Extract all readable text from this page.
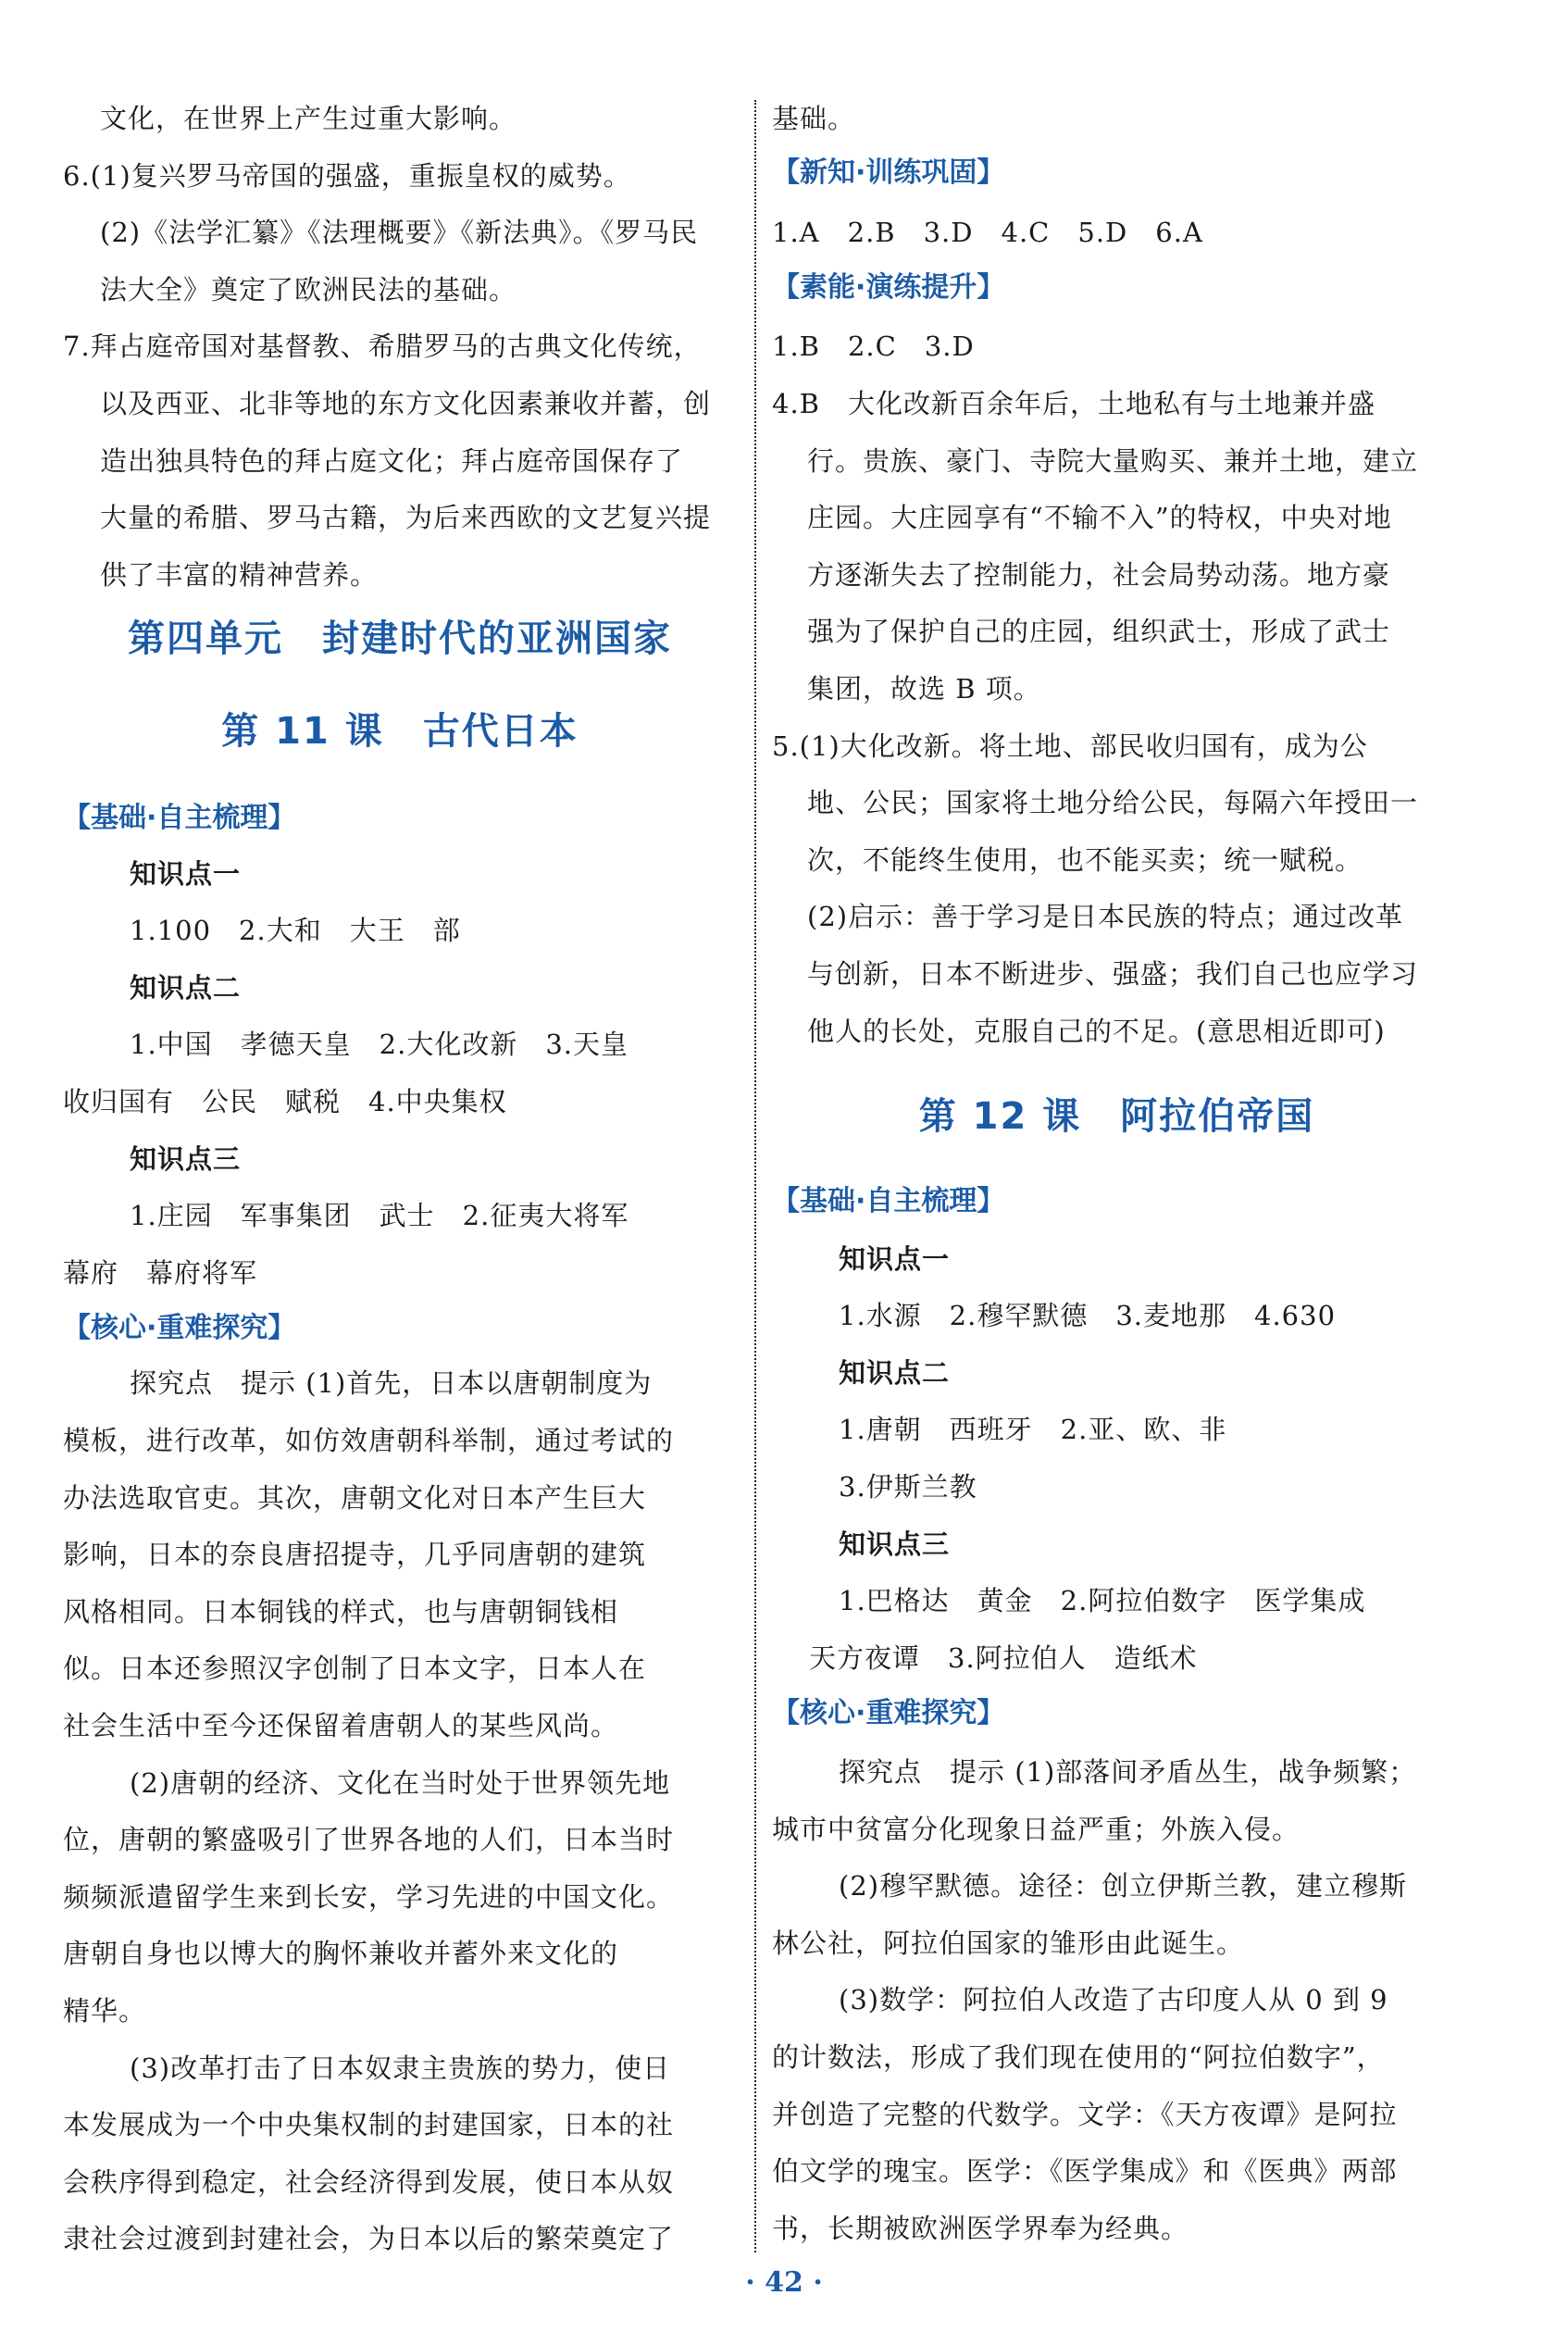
文化，在世界上产生过重大影响。
6.(1)复兴罗马帝国的强盛，重振皇权的威势。
(2)《法学汇纂》《法理概要》《新法典》。《罗马民
法大全》奠定了欧洲民法的基础。
7.拜占庭帝国对基督教、希腊罗马的古典文化传统，
以及西亚、北非等地的东方文化因素兼收并蓄，创
造出独具特色的拜占庭文化；拜占庭帝国保存了
大量的希腊、罗马古籍，为后来西欧的文艺复兴提
供了丰富的精神营养。
第四单元　封建时代的亚洲国家
第 11 课　古代日本
【基础·自主梳理】
知识点一
1.100　2.大和　大王　部
知识点二
1.中国　孝德天皇　2.大化改新　3.天皇
收归国有　公民　赋税　4.中央集权
知识点三
1.庄园　军事集团　武士　2.征夷大将军
幕府　幕府将军
【核心·重难探究】
探究点　提示 (1)首先，日本以唐朝制度为
模板，进行改革，如仿效唐朝科举制，通过考试的
办法选取官吏。其次，唐朝文化对日本产生巨大
影响，日本的奈良唐招提寺，几乎同唐朝的建筑
风格相同。日本铜钱的样式，也与唐朝铜钱相
似。日本还参照汉字创制了日本文字，日本人在
社会生活中至今还保留着唐朝人的某些风尚。
(2)唐朝的经济、文化在当时处于世界领先地
位，唐朝的繁盛吸引了世界各地的人们，日本当时
频频派遣留学生来到长安，学习先进的中国文化。
唐朝自身也以博大的胸怀兼收并蓄外来文化的
精华。
(3)改革打击了日本奴隶主贵族的势力，使日
本发展成为一个中央集权制的封建国家，日本的社
会秩序得到稳定，社会经济得到发展，使日本从奴
隶社会过渡到封建社会，为日本以后的繁荣奠定了
基础。
【新知·训练巩固】
1.A　2.B　3.D　4.C　5.D　6.A
【素能·演练提升】
1.B　2.C　3.D
4.B　大化改新百余年后，土地私有与土地兼并盛
行。贵族、豪门、寺院大量购买、兼并土地，建立
庄园。大庄园享有“不输不入”的特权，中央对地
方逐渐失去了控制能力，社会局势动荡。地方豪
强为了保护自己的庄园，组织武士，形成了武士
集团，故选 B 项。
5.(1)大化改新。将土地、部民收归国有，成为公
地、公民；国家将土地分给公民，每隔六年授田一
次，不能终生使用，也不能买卖；统一赋税。
(2)启示：善于学习是日本民族的特点；通过改革
与创新，日本不断进步、强盛；我们自己也应学习
他人的长处，克服自己的不足。(意思相近即可)
第 12 课　阿拉伯帝国
【基础·自主梳理】
知识点一
1.水源　2.穆罕默德　3.麦地那　4.630
知识点二
1.唐朝　西班牙　2.亚、欧、非
3.伊斯兰教
知识点三
1.巴格达　黄金　2.阿拉伯数字　医学集成
天方夜谭　3.阿拉伯人　造纸术
【核心·重难探究】
探究点　提示 (1)部落间矛盾丛生，战争频繁；
城市中贫富分化现象日益严重；外族入侵。
(2)穆罕默德。途径：创立伊斯兰教，建立穆斯
林公社，阿拉伯国家的雏形由此诞生。
(3)数学：阿拉伯人改造了古印度人从 0 到 9
的计数法，形成了我们现在使用的“阿拉伯数字”，
并创造了完整的代数学。文学：《天方夜谭》是阿拉
伯文学的瑰宝。医学：《医学集成》和《医典》两部
书，长期被欧洲医学界奉为经典。
· 42 ·
